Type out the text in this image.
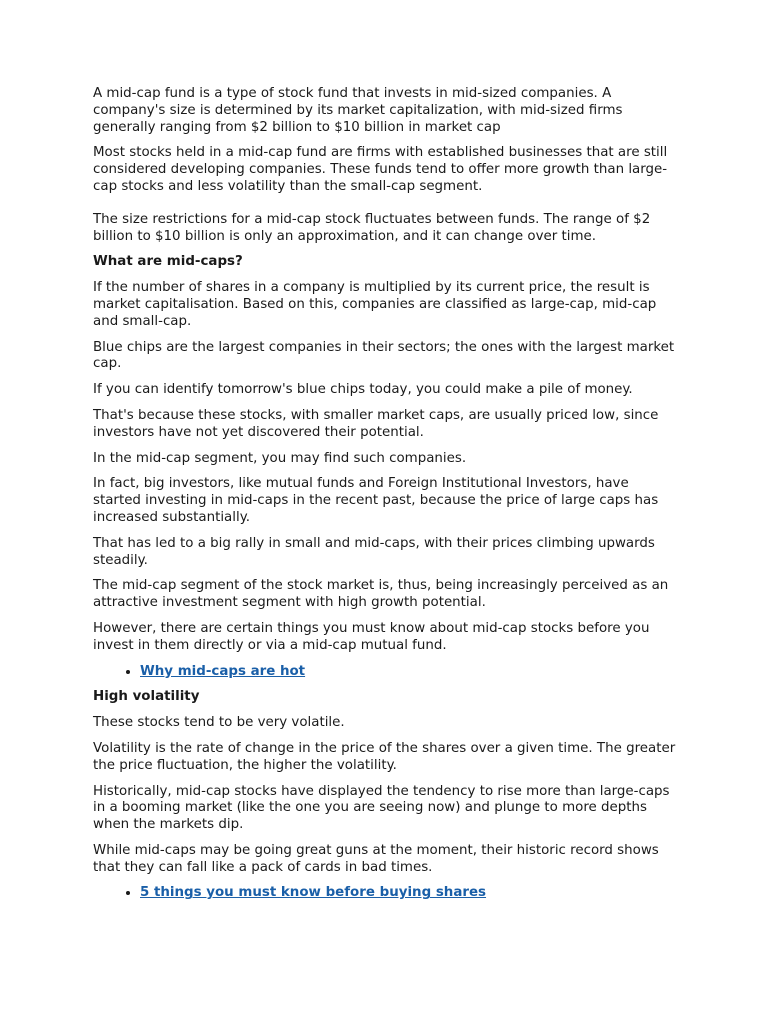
A mid-cap fund is a type of stock fund that invests in mid-sized companies. A company's size is determined by its market capitalization, with mid-sized firms generally ranging from $2 billion to $10 billion in market cap

Most stocks held in a mid-cap fund are firms with established businesses that are still considered developing companies. These funds tend to offer more growth than large-cap stocks and less volatility than the small-cap segment.

The size restrictions for a mid-cap stock fluctuates between funds. The range of $2 billion to $10 billion is only an approximation, and it can change over time.

What are mid-caps?

If the number of shares in a company is multiplied by its current price, the result is market capitalisation. Based on this, companies are classified as large-cap, mid-cap and small-cap.

Blue chips are the largest companies in their sectors; the ones with the largest market cap.

If you can identify tomorrow's blue chips today, you could make a pile of money.

That's because these stocks, with smaller market caps, are usually priced low, since investors have not yet discovered their potential.

In the mid-cap segment, you may find such companies.

In fact, big investors, like mutual funds and Foreign Institutional Investors, have started investing in mid-caps in the recent past, because the price of large caps has increased substantially.

That has led to a big rally in small and mid-caps, with their prices climbing upwards steadily.

The mid-cap segment of the stock market is, thus, being increasingly perceived as an attractive investment segment with high growth potential.

However, there are certain things you must know about mid-cap stocks before you invest in them directly or via a mid-cap mutual fund.

• Why mid-caps are hot

High volatility

These stocks tend to be very volatile.

Volatility is the rate of change in the price of the shares over a given time. The greater the price fluctuation, the higher the volatility.

Historically, mid-cap stocks have displayed the tendency to rise more than large-caps in a booming market (like the one you are seeing now) and plunge to more depths when the markets dip.

While mid-caps may be going great guns at the moment, their historic record shows that they can fall like a pack of cards in bad times.

• 5 things you must know before buying shares
